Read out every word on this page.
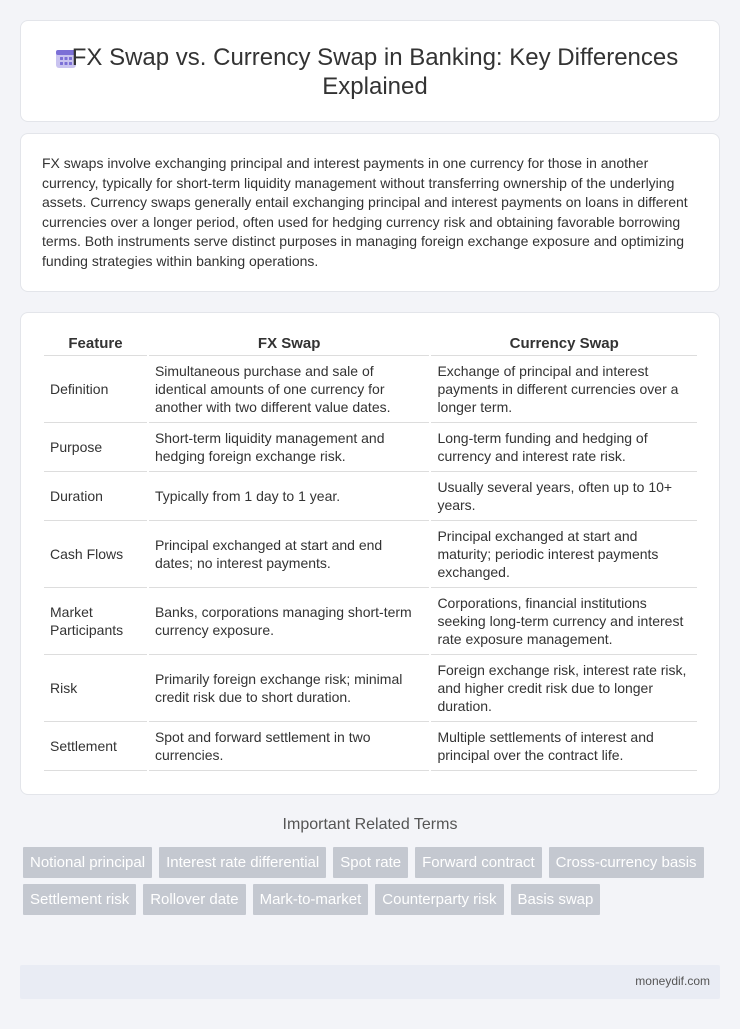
FX Swap vs. Currency Swap in Banking: Key Differences Explained

FX swaps involve exchanging principal and interest payments in one currency for those in another currency, typically for short-term liquidity management without transferring ownership of the underlying assets. Currency swaps generally entail exchanging principal and interest payments on loans in different currencies over a longer period, often used for hedging currency risk and obtaining favorable borrowing terms. Both instruments serve distinct purposes in managing foreign exchange exposure and optimizing funding strategies within banking operations.

Feature	FX Swap	Currency Swap
Definition	Simultaneous purchase and sale of identical amounts of one currency for another with two different value dates.	Exchange of principal and interest payments in different currencies over a longer term.
Purpose	Short-term liquidity management and hedging foreign exchange risk.	Long-term funding and hedging of currency and interest rate risk.
Duration	Typically from 1 day to 1 year.	Usually several years, often up to 10+ years.
Cash Flows	Principal exchanged at start and end dates; no interest payments.	Principal exchanged at start and maturity; periodic interest payments exchanged.
Market Participants	Banks, corporations managing short-term currency exposure.	Corporations, financial institutions seeking long-term currency and interest rate exposure management.
Risk	Primarily foreign exchange risk; minimal credit risk due to short duration.	Foreign exchange risk, interest rate risk, and higher credit risk due to longer duration.
Settlement	Spot and forward settlement in two currencies.	Multiple settlements of interest and principal over the contract life.
Important Related Terms
Notional principal	Interest rate differential	Spot rate	Forward contract	Cross-currency basis
Settlement risk	Rollover date	Mark-to-market	Counterparty risk	Basis swap
moneydif.com
